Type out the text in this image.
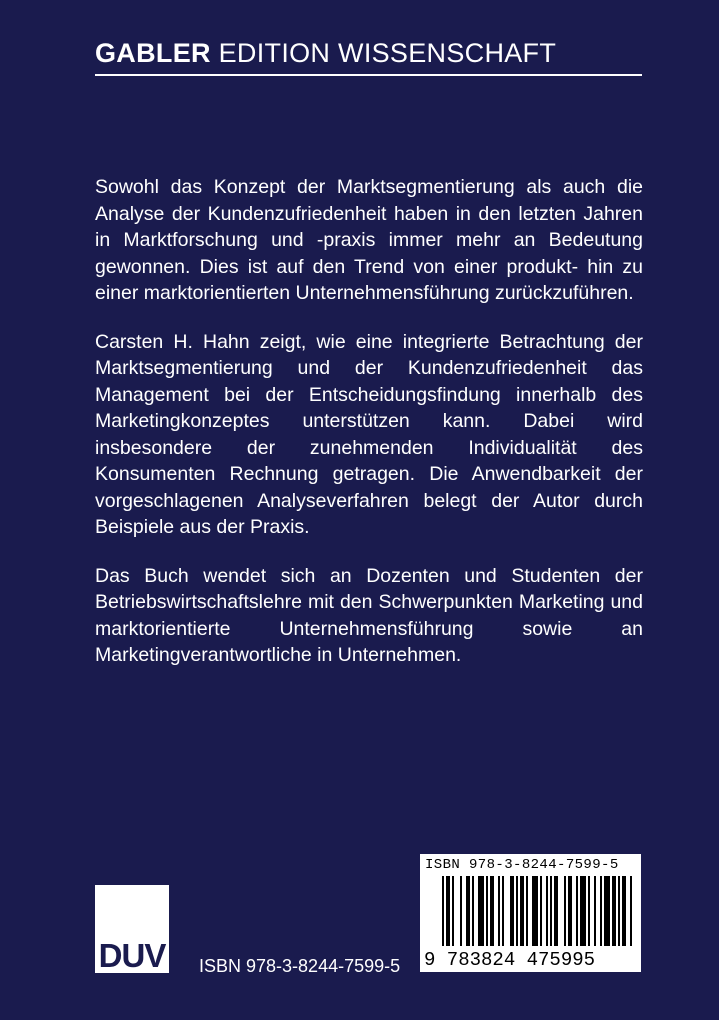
GABLER EDITION WISSENSCHAFT

Sowohl das Konzept der Marktsegmentierung als auch die Analyse der Kundenzufriedenheit haben in den letzten Jahren in Marktforschung und -praxis immer mehr an Bedeutung gewonnen. Dies ist auf den Trend von einer produkt- hin zu einer marktorientierten Unternehmensführung zurückzuführen.

Carsten H. Hahn zeigt, wie eine integrierte Betrachtung der Marktsegmentierung und der Kundenzufriedenheit das Management bei der Entscheidungsfindung innerhalb des Marketingkonzeptes unterstützen kann. Dabei wird insbesondere der zunehmenden Individualität des Konsumenten Rechnung getragen. Die Anwendbarkeit der vorgeschlagenen Analyseverfahren belegt der Autor durch Beispiele aus der Praxis.

Das Buch wendet sich an Dozenten und Studenten der Betriebswirtschaftslehre mit den Schwerpunkten Marketing und marktorientierte Unternehmensführung sowie an Marketingverantwortliche in Unternehmen.

DUV ISBN 978-3-8244-7599-5
ISBN 978-3-8244-7599-5
9 783824 475995
